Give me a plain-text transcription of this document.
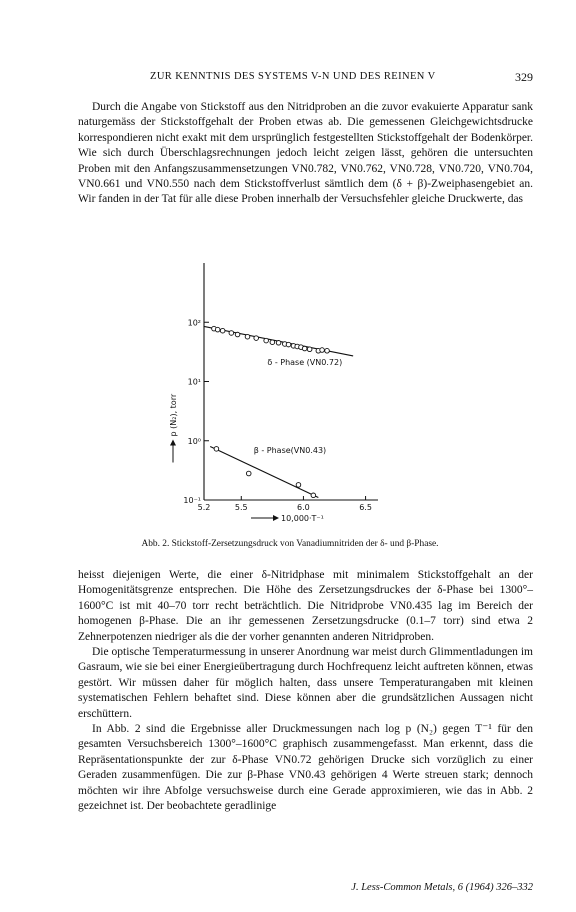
ZUR KENNTNIS DES SYSTEMS V-N UND DES REINEN V	329

Durch die Angabe von Stickstoff aus den Nitridproben an die zuvor evakuierte Apparatur sank naturgemäss der Stickstoffgehalt der Proben etwas ab. Die gemessenen Gleichgewichtsdrucke korrespondieren nicht exakt mit dem ursprünglich festgestellten Stickstoffgehalt der Bodenkörper. Wie sich durch Überschlagsrechnungen jedoch leicht zeigen lässt, gehören die untersuchten Proben mit den Anfangszusammensetzungen VN0.782, VN0.762, VN0.728, VN0.720, VN0.704, VN0.661 und VN0.550 nach dem Stickstoffverlust sämtlich dem (δ + β)-Zweiphasengebiet an. Wir fanden in der Tat für alle diese Proben innerhalb der Versuchsfehler gleiche Druckwerte, das

10⁻¹
10⁰
10¹
10²
5.2	5.5	6.0	6.5
10,000·T⁻¹
p (N₂), torr
δ - Phase (VN0.72)
β - Phase(VN0.43)
Abb. 2. Stickstoff-Zersetzungsdruck von Vanadiumnitriden der δ- und β-Phase.

heisst diejenigen Werte, die einer δ-Nitridphase mit minimalem Stickstoffgehalt an der Homogenitätsgrenze entsprechen. Die Höhe des Zersetzungsdruckes der δ-Phase bei 1300°–1600°C ist mit 40–70 torr recht beträchtlich. Die Nitridprobe VN0.435 lag im Bereich der homogenen β-Phase. Die an ihr gemessenen Zersetzungsdrucke (0.1–7 torr) sind etwa 2 Zehnerpotenzen niedriger als die der vorher genannten anderen Nitridproben.

Die optische Temperaturmessung in unserer Anordnung war meist durch Glimmentladungen im Gasraum, wie sie bei einer Energieübertragung durch Hochfrequenz leicht auftreten können, etwas gestört. Wir müssen daher für möglich halten, dass unsere Temperaturangaben mit kleinen systematischen Fehlern behaftet sind. Diese können aber die grundsätzlichen Aussagen nicht erschüttern.

In Abb. 2 sind die Ergebnisse aller Druckmessungen nach log p (N₂) gegen T⁻¹ für den gesamten Versuchsbereich 1300°–1600°C graphisch zusammengefasst. Man erkennt, dass die Repräsentationspunkte der zur δ-Phase VN0.72 gehörigen Drucke sich vorzüglich zu einer Geraden zusammenfügen. Die zur β-Phase VN0.43 gehörigen 4 Werte streuen stark; dennoch möchten wir ihre Abfolge versuchsweise durch eine Gerade approximieren, wie das in Abb. 2 gezeichnet ist. Der beobachtete geradlinige

J. Less-Common Metals, 6 (1964) 326–332
